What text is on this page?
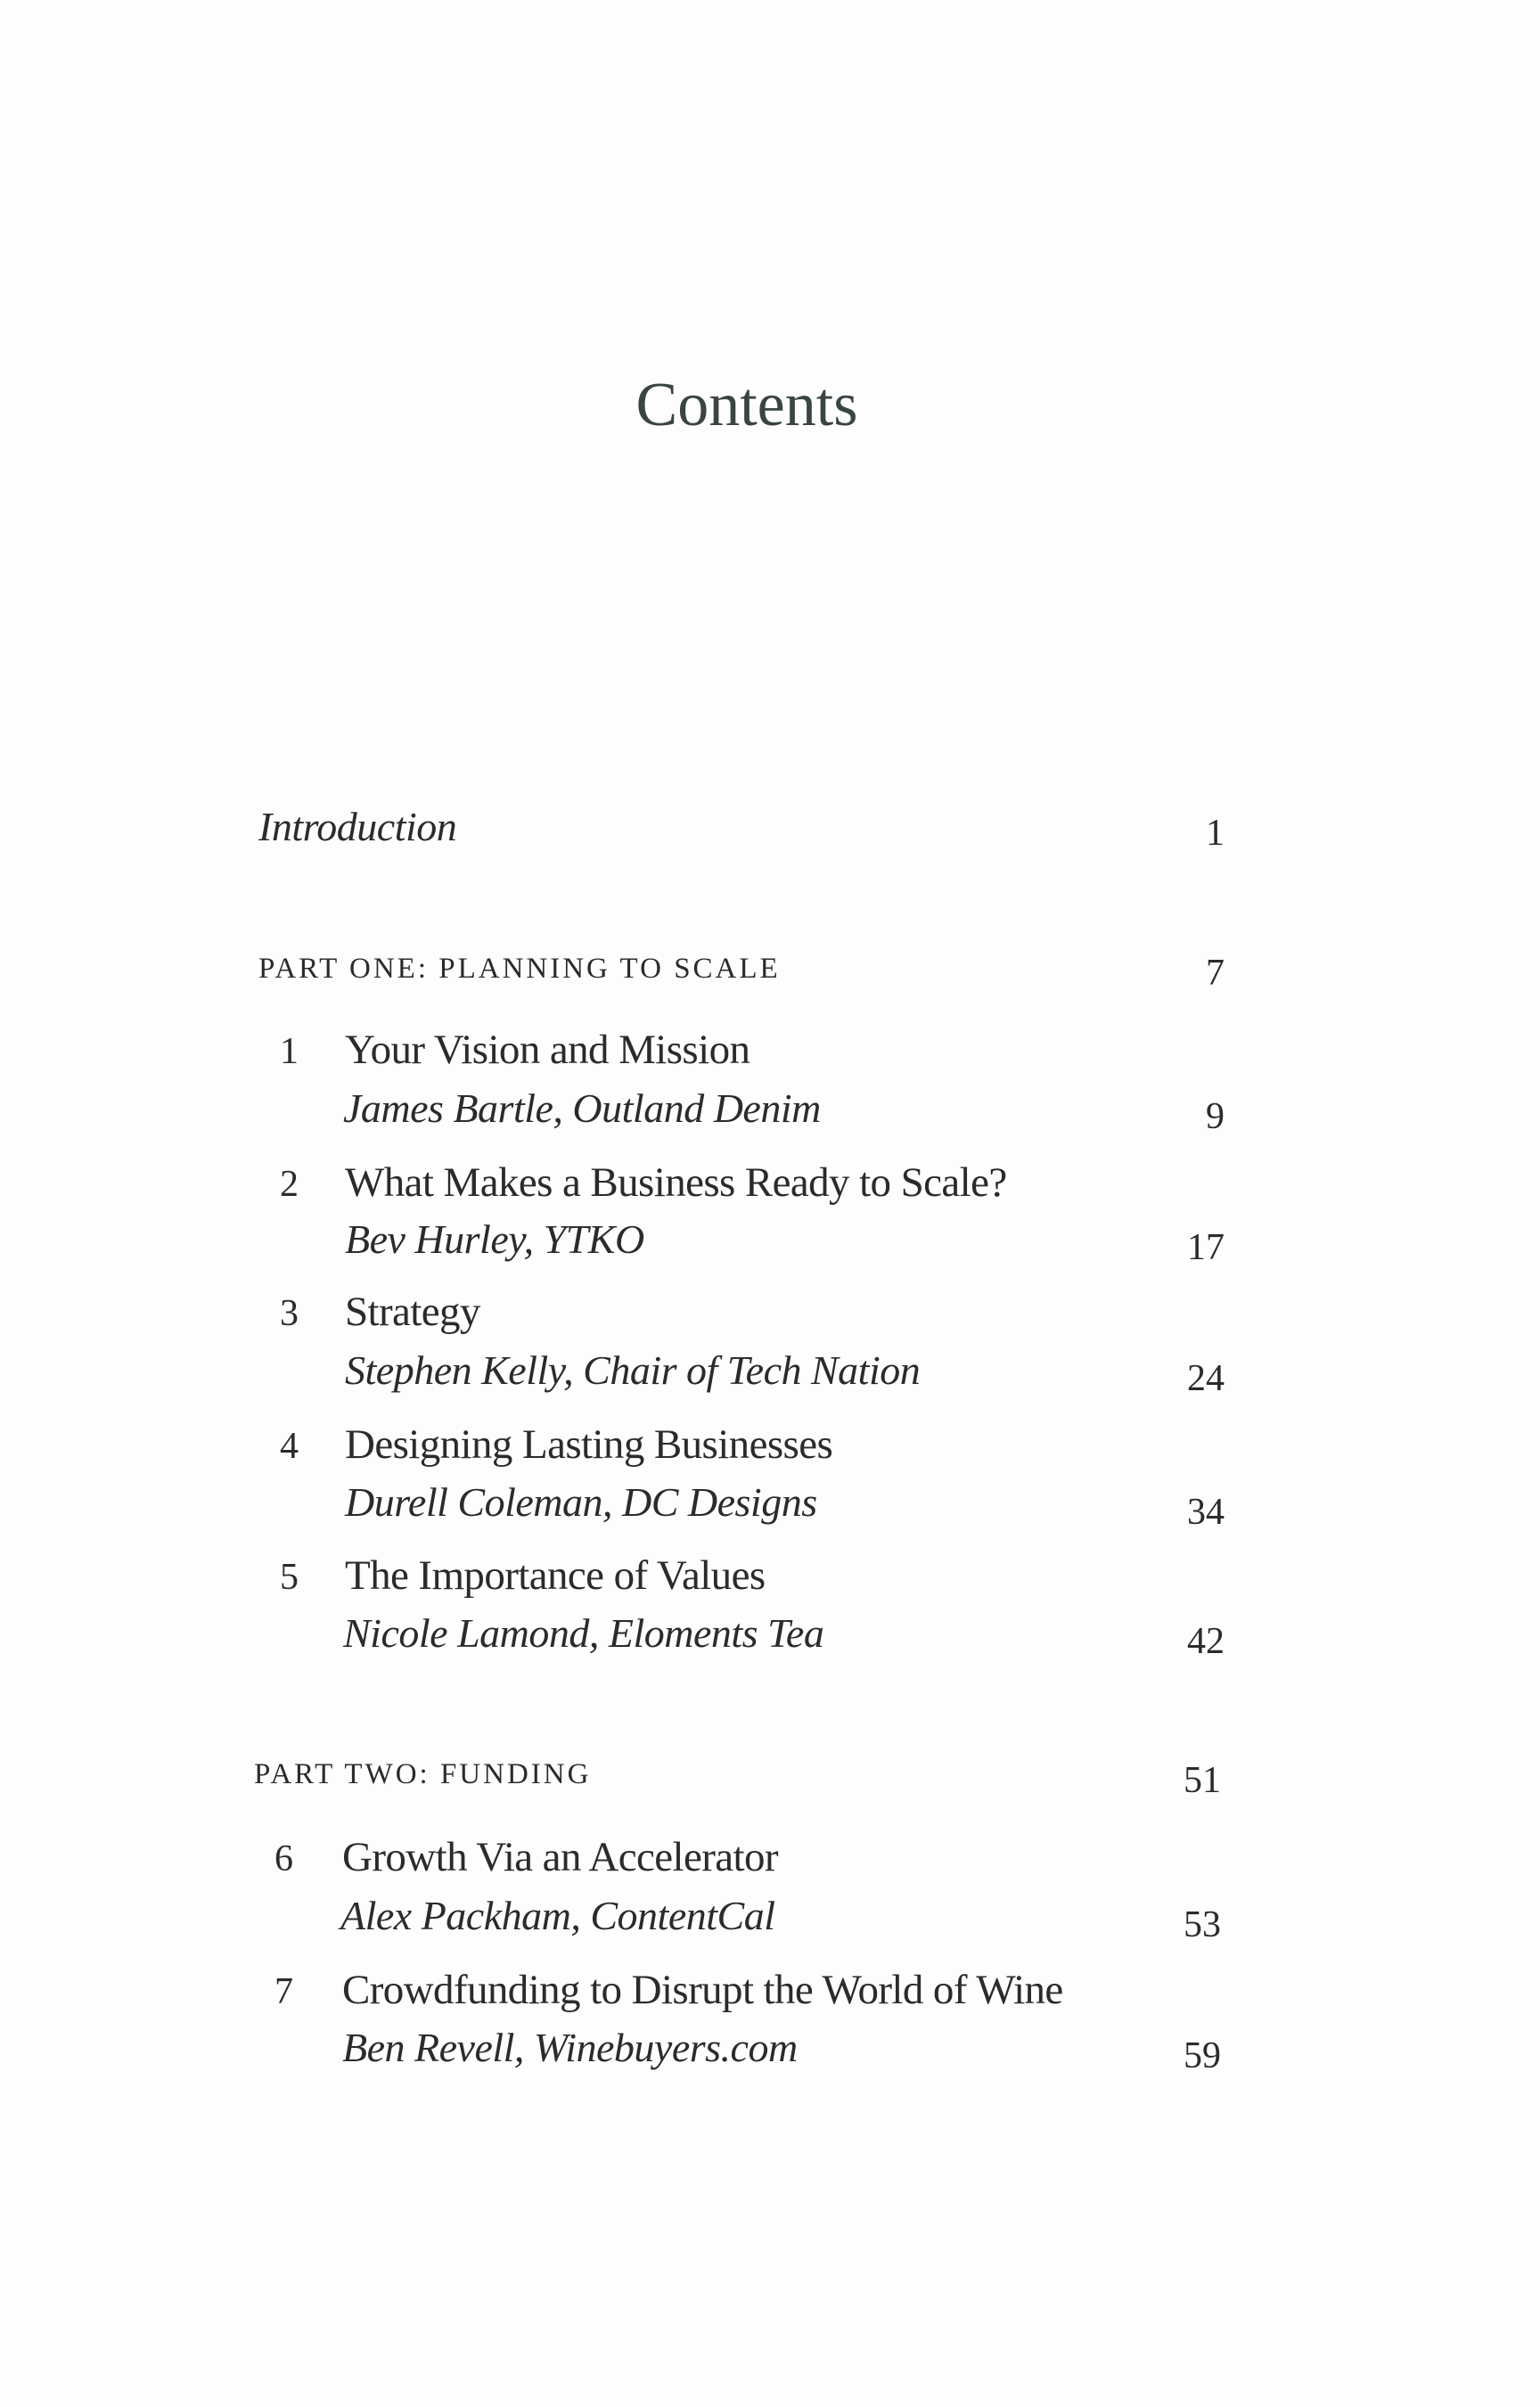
Contents
Introduction	1
PART ONE: PLANNING TO SCALE	7
1 Your Vision and Mission
James Bartle, Outland Denim	9
2 What Makes a Business Ready to Scale?
Bev Hurley, YTKO	17
3 Strategy
Stephen Kelly, Chair of Tech Nation	24
4 Designing Lasting Businesses
Durell Coleman, DC Designs	34
5 The Importance of Values
Nicole Lamond, Eloments Tea	42
PART TWO: FUNDING	51
6 Growth Via an Accelerator
Alex Packham, ContentCal	53
7 Crowdfunding to Disrupt the World of Wine
Ben Revell, Winebuyers.com	59
